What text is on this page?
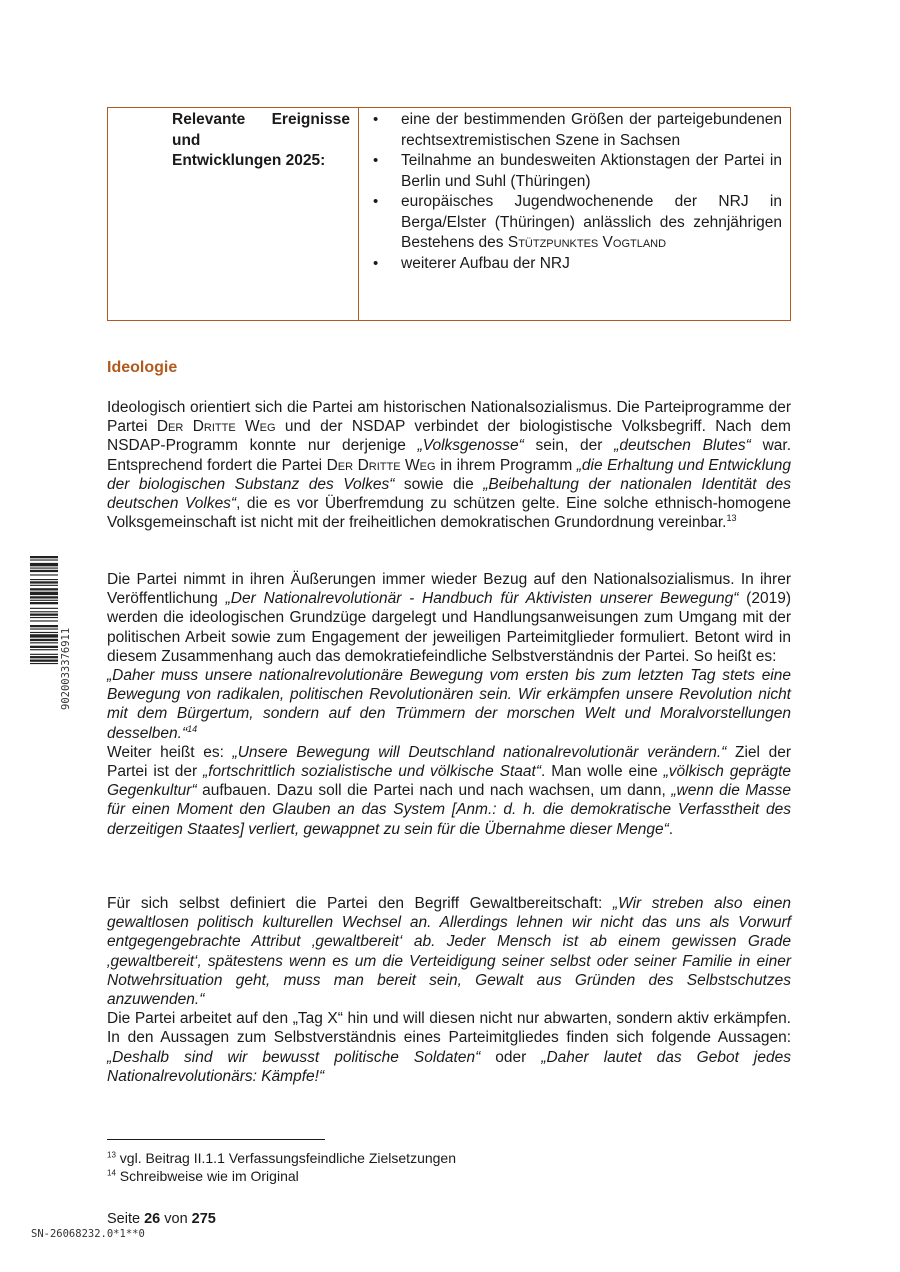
Relevante Ereignisse
und
Entwicklungen 2025:
• eine der bestimmenden Größen der parteigebundenen rechtsextremistischen Szene in Sachsen
• Teilnahme an bundesweiten Aktionstagen der Partei in Berlin und Suhl (Thüringen)
• europäisches Jugendwochenende der NRJ in Berga/Elster (Thüringen) anlässlich des zehnjährigen Bestehens des Stützpunktes Vogtland
• weiterer Aufbau der NRJ
Ideologie

Ideologisch orientiert sich die Partei am historischen Nationalsozialismus. Die Parteiprogramme der Partei Der Dritte Weg und der NSDAP verbindet der biologistische Volksbegriff. Nach dem NSDAP-Programm konnte nur derjenige „Volksgenosse“ sein, der „deutschen Blutes“ war. Entsprechend fordert die Partei Der Dritte Weg in ihrem Programm „die Erhaltung und Entwicklung der biologischen Substanz des Volkes“ sowie die „Beibehaltung der nationalen Identität des deutschen Volkes“, die es vor Überfremdung zu schützen gelte. Eine solche ethnisch-homogene Volksgemeinschaft ist nicht mit der freiheitlichen demokratischen Grundordnung vereinbar.$^{13}$

Die Partei nimmt in ihren Äußerungen immer wieder Bezug auf den Nationalsozialismus. In ihrer Veröffentlichung „Der Nationalrevolutionär - Handbuch für Aktivisten unserer Bewegung“ (2019) werden die ideologischen Grundzüge dargelegt und Handlungsanweisungen zum Umgang mit der politischen Arbeit sowie zum Engagement der jeweiligen Parteimitglieder formuliert. Betont wird in diesem Zusammenhang auch das demokratiefeindliche Selbstverständnis der Partei. So heißt es:

„Daher muss unsere nationalrevolutionäre Bewegung vom ersten bis zum letzten Tag stets eine Bewegung von radikalen, politischen Revolutionären sein. Wir erkämpfen unsere Revolution nicht mit dem Bürgertum, sondern auf den Trümmern der morschen Welt und Moralvorstellungen desselben.“$^{14}$

Weiter heißt es: „Unsere Bewegung will Deutschland nationalrevolutionär verändern.“ Ziel der Partei ist der „fortschrittlich sozialistische und völkische Staat“. Man wolle eine „völkisch geprägte Gegenkultur“ aufbauen. Dazu soll die Partei nach und nach wachsen, um dann, „wenn die Masse für einen Moment den Glauben an das System [Anm.: d. h. die demokratische Verfasstheit des derzeitigen Staates] verliert, gewappnet zu sein für die Übernahme dieser Menge“.

Für sich selbst definiert die Partei den Begriff Gewaltbereitschaft: „Wir streben also einen gewaltlosen politisch kulturellen Wechsel an. Allerdings lehnen wir nicht das uns als Vorwurf entgegengebrachte Attribut ‚gewaltbereit‘ ab. Jeder Mensch ist ab einem gewissen Grade ‚gewaltbereit‘, spätestens wenn es um die Verteidigung seiner selbst oder seiner Familie in einer Notwehrsituation geht, muss man bereit sein, Gewalt aus Gründen des Selbstschutzes anzuwenden.“

Die Partei arbeitet auf den „Tag X“ hin und will diesen nicht nur abwarten, sondern aktiv erkämpfen. In den Aussagen zum Selbstverständnis eines Parteimitgliedes finden sich folgende Aussagen: „Deshalb sind wir bewusst politische Soldaten“ oder „Daher lautet das Gebot jedes Nationalrevolutionärs: Kämpfe!“

$^{13}$ vgl. Beitrag II.1.1 Verfassungsfeindliche Zielsetzungen
$^{14}$ Schreibweise wie im Original
Seite 26 von 275
9020033376911
SN-26068232.0*1**0
